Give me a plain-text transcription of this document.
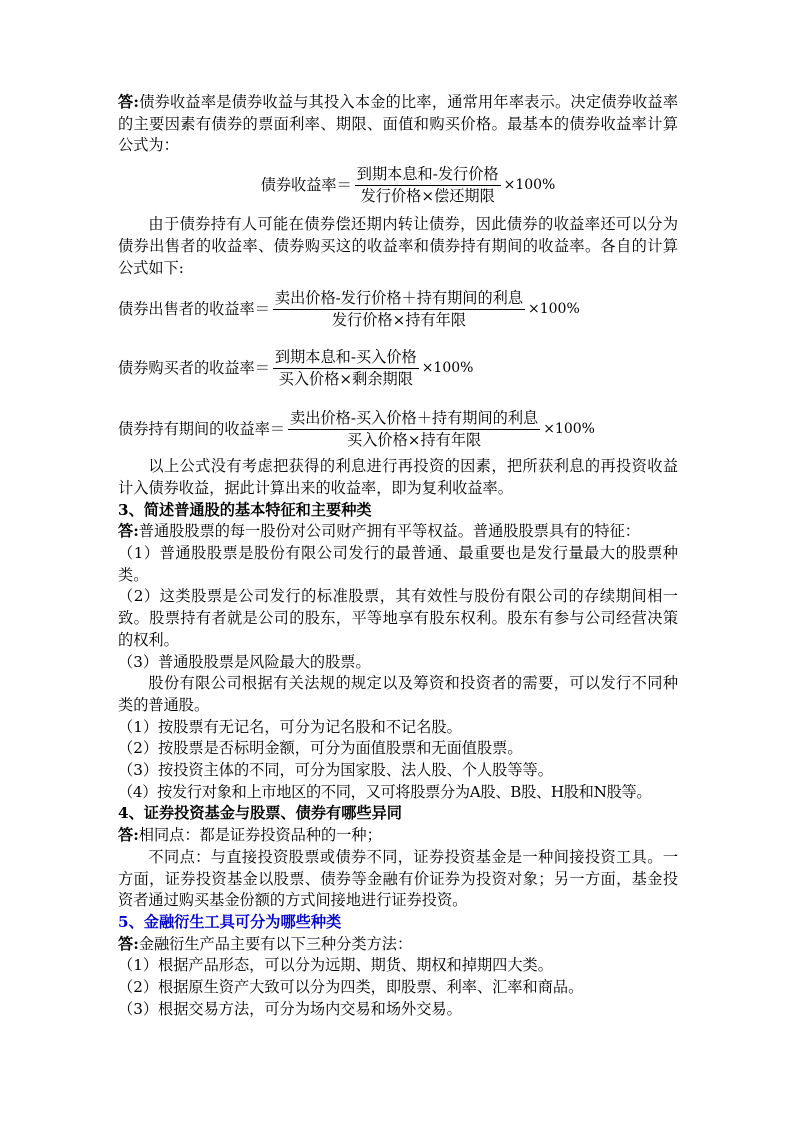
答:债券收益率是债券收益与其投入本金的比率，通常用年率表示。决定债券收益率的主要因素有债券的票面利率、期限、面值和购买价格。最基本的债券收益率计算公式为：

债券收益率＝ $\frac{\text{到期本息和-发行价格}}{\text{发行价格×偿还期限}} \times 100\%$

由于债券持有人可能在债券偿还期内转让债券，因此债券的收益率还可以分为债券出售者的收益率、债券购买这的收益率和债券持有期间的收益率。各自的计算公式如下:

债券出售者的收益率＝ $\frac{\text{卖出价格-发行价格＋持有期间的利息}}{\text{发行价格×持有年限}} \times 100\%$
债券购买者的收益率＝ $\frac{\text{到期本息和-买入价格}}{\text{买入价格×剩余期限}} \times 100\%$
债券持有期间的收益率＝ $\frac{\text{卖出价格-买入价格＋持有期间的利息}}{\text{买入价格×持有年限}} \times 100\%$

以上公式没有考虑把获得的利息进行再投资的因素，把所获利息的再投资收益计入债券收益，据此计算出来的收益率，即为复利收益率。

3、简述普通股的基本特征和主要种类

答:普通股股票的每一股份对公司财产拥有平等权益。普通股股票具有的特征：

（1）普通股股票是股份有限公司发行的最普通、最重要也是发行量最大的股票种类。

（2）这类股票是公司发行的标准股票，其有效性与股份有限公司的存续期间相一致。股票持有者就是公司的股东，平等地享有股东权利。股东有参与公司经营决策的权利。

（3）普通股股票是风险最大的股票。

股份有限公司根据有关法规的规定以及筹资和投资者的需要，可以发行不同种类的普通股。

（1）按股票有无记名，可分为记名股和不记名股。

（2）按股票是否标明金额，可分为面值股票和无面值股票。

（3）按投资主体的不同，可分为国家股、法人股、个人股等等。

（4）按发行对象和上市地区的不同，又可将股票分为A股、B股、H股和N股等。

4、证券投资基金与股票、债券有哪些异同

答:相同点：都是证券投资品种的一种；

不同点：与直接投资股票或债券不同，证券投资基金是一种间接投资工具。一方面，证券投资基金以股票、债券等金融有价证券为投资对象；另一方面，基金投资者通过购买基金份额的方式间接地进行证券投资。

5、金融衍生工具可分为哪些种类

答:金融衍生产品主要有以下三种分类方法：

（1）根据产品形态，可以分为远期、期货、期权和掉期四大类。

（2）根据原生资产大致可以分为四类，即股票、利率、汇率和商品。

（3）根据交易方法，可分为场内交易和场外交易。
